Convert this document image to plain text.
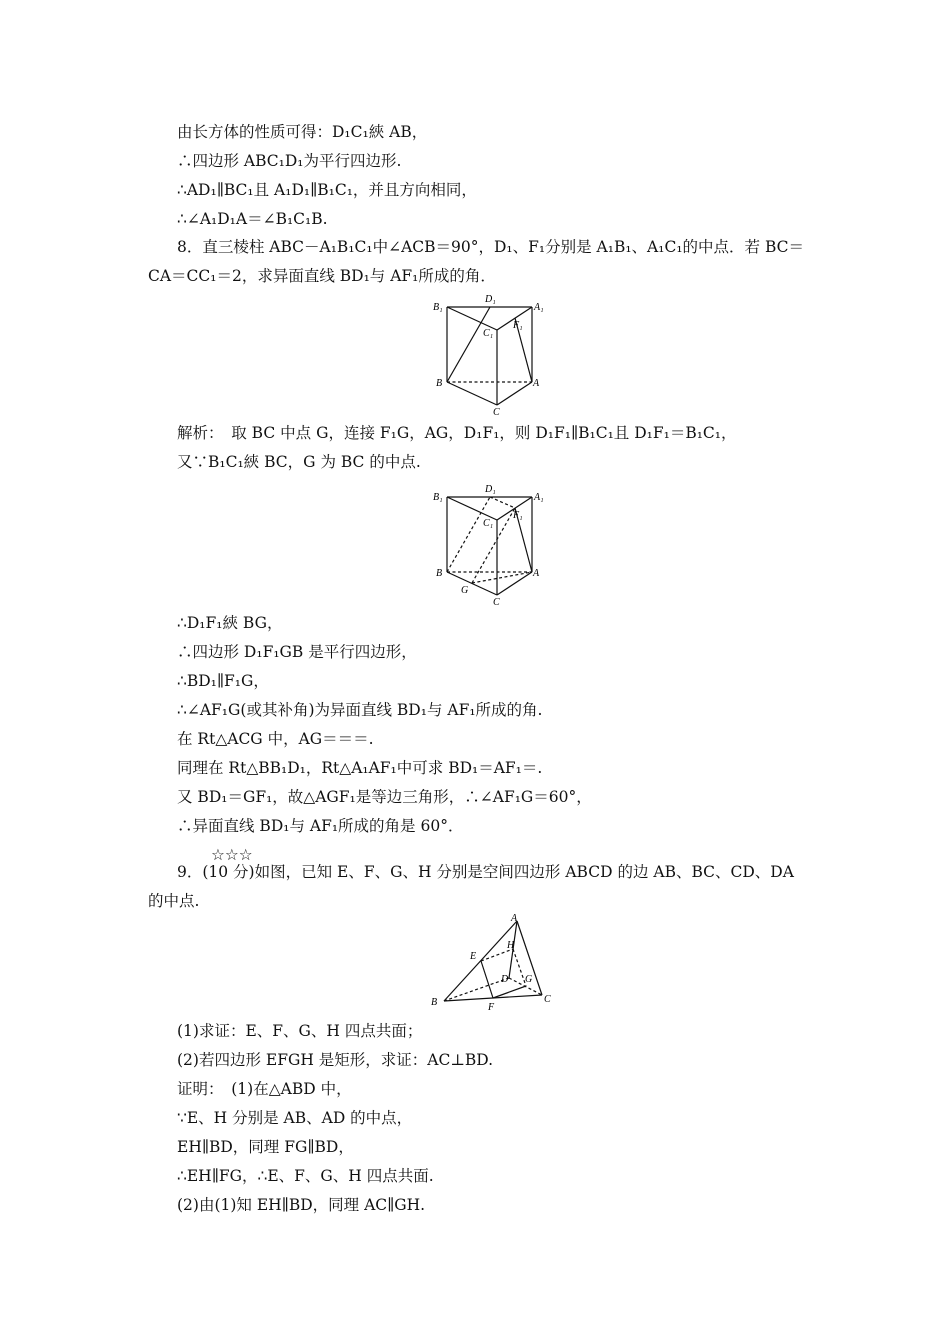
由长方体的性质可得：D₁C₁綊 AB，
∴四边形 ABC₁D₁为平行四边形.
∴AD₁∥BC₁且 A₁D₁∥B₁C₁，并且方向相同，
∴∠A₁D₁A＝∠B₁C₁B.
8．直三棱柱 ABC－A₁B₁C₁中∠ACB＝90°，D₁、F₁分别是 A₁B₁、A₁C₁的中点．若 BC＝CA＝CC₁＝2，求异面直线 BD₁与 AF₁所成的角．
B₁
D₁
A₁
C₁
F₁
B	A
C
解析：　取 BC 中点 G，连接 F₁G，AG，D₁F₁，则 D₁F₁∥B₁C₁且 D₁F₁＝B₁C₁，
又∵B₁C₁綊 BC，G 为 BC 的中点.
B₁
D₁
A₁
C₁
F₁
B	A
C
G
∴D₁F₁綊 BG，
∴四边形 D₁F₁GB 是平行四边形，
∴BD₁∥F₁G，
∴∠AF₁G(或其补角)为异面直线 BD₁与 AF₁所成的角.
在 Rt△ACG 中，AG＝＝＝.
同理在 Rt△BB₁D₁，Rt△A₁AF₁中可求 BD₁＝AF₁＝.
又 BD₁＝GF₁，故△AGF₁是等边三角形，∴∠AF₁G＝60°，
∴异面直线 BD₁与 AF₁所成的角是 60°．
☆☆☆
9．(10 分)如图，已知 E、F、G、H 分别是空间四边形 ABCD 的边 AB、BC、CD、DA 的中点.
A
H
E
D G
B	F
C
(1)求证：E、F、G、H 四点共面；
(2)若四边形 EFGH 是矩形，求证：AC⊥BD.
证明：　(1)在△ABD 中，
∵E、H 分别是 AB、AD 的中点，
EH∥BD，同理 FG∥BD，
∴EH∥FG，∴E、F、G、H 四点共面.
(2)由(1)知 EH∥BD，同理 AC∥GH.
